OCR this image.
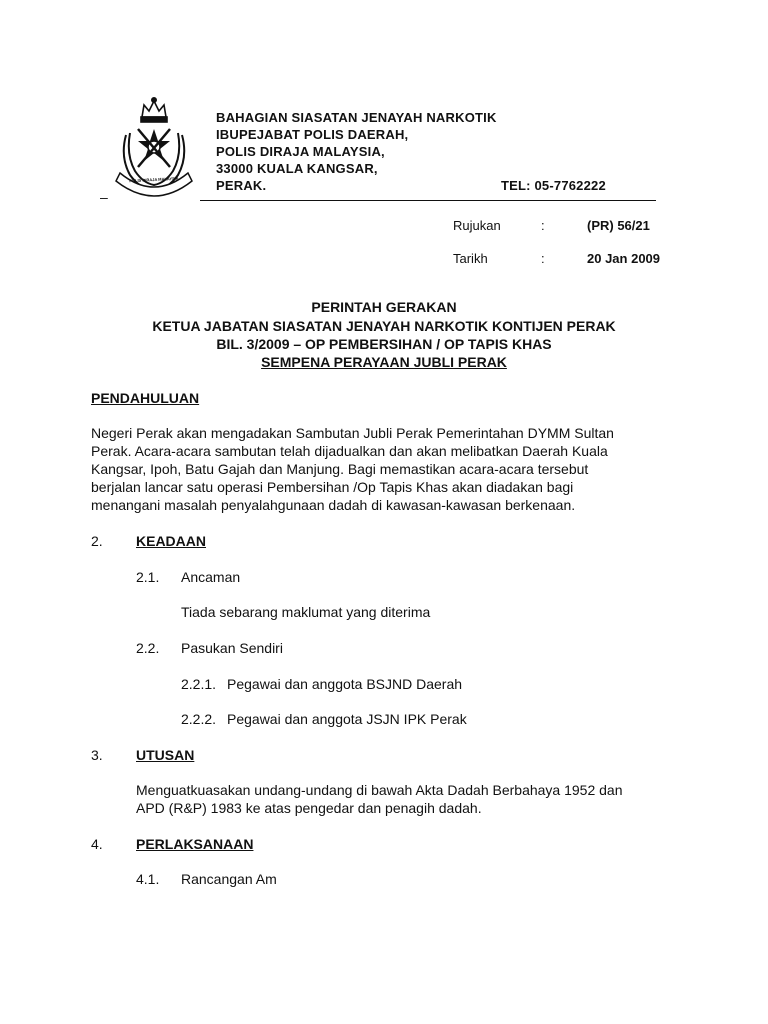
POLIS DIRAJA MALAYSIA
BAHAGIAN SIASATAN JENAYAH NARKOTIK
IBUPEJABAT POLIS DAERAH,
POLIS DIRAJA MALAYSIA,
33000 KUALA KANGSAR,
PERAK.	TEL: 05-7762222
–
Rujukan	:	(PR) 56/21
Tarikh	:	20 Jan 2009
PERINTAH GERAKAN
KETUA JABATAN SIASATAN JENAYAH NARKOTIK KONTIJEN PERAK
BIL. 3/2009 – OP PEMBERSIHAN / OP TAPIS KHAS
SEMPENA PERAYAAN JUBLI PERAK
PENDAHULUAN
Negeri Perak akan mengadakan Sambutan Jubli Perak Pemerintahan DYMM Sultan
Perak. Acara-acara sambutan telah dijadualkan dan akan melibatkan Daerah Kuala
Kangsar, Ipoh, Batu Gajah dan Manjung. Bagi memastikan acara-acara tersebut
berjalan lancar satu operasi Pembersihan /Op Tapis Khas akan diadakan bagi
menangani masalah penyalahgunaan dadah di kawasan-kawasan berkenaan.
2. KEADAAN
2.1. Ancaman
Tiada sebarang maklumat yang diterima
2.2. Pasukan Sendiri
2.2.1. Pegawai dan anggota BSJND Daerah
2.2.2. Pegawai dan anggota JSJN IPK Perak
3. UTUSAN
Menguatkuasakan undang-undang di bawah Akta Dadah Berbahaya 1952 dan
APD (R&P) 1983 ke atas pengedar dan penagih dadah.
4. PERLAKSANAAN
4.1. Rancangan Am
